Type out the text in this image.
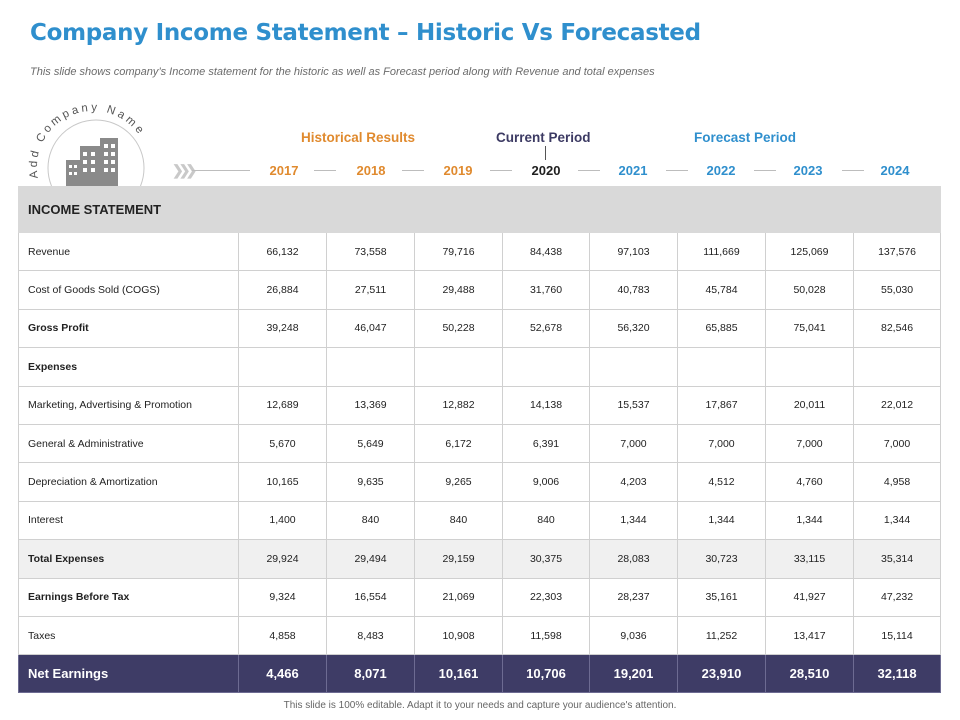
Company Income Statement – Historic Vs Forecasted
This slide shows company’s Income statement for the historic as well as Forecast period along with Revenue and total expenses
Add Company Name	Historical Results	Current Period	Forecast Period
❯❯❯	2017	2018	2019	2020	2021	2022	2023	2024
INCOME STATEMENT								
Revenue	66,132	73,558	79,716	84,438	97,103	111,669	125,069	137,576
Cost of Goods Sold (COGS)	26,884	27,511	29,488	31,760	40,783	45,784	50,028	55,030
Gross Profit	39,248	46,047	50,228	52,678	56,320	65,885	75,041	82,546
Expenses								
Marketing, Advertising & Promotion	12,689	13,369	12,882	14,138	15,537	17,867	20,011	22,012
General & Administrative	5,670	5,649	6,172	6,391	7,000	7,000	7,000	7,000
Depreciation & Amortization	10,165	9,635	9,265	9,006	4,203	4,512	4,760	4,958
Interest	1,400	840	840	840	1,344	1,344	1,344	1,344
Total Expenses	29,924	29,494	29,159	30,375	28,083	30,723	33,115	35,314
Earnings Before Tax	9,324	16,554	21,069	22,303	28,237	35,161	41,927	47,232
Taxes	4,858	8,483	10,908	11,598	9,036	11,252	13,417	15,114
Net Earnings	4,466	8,071	10,161	10,706	19,201	23,910	28,510	32,118
This slide is 100% editable. Adapt it to your needs and capture your audience's attention.
